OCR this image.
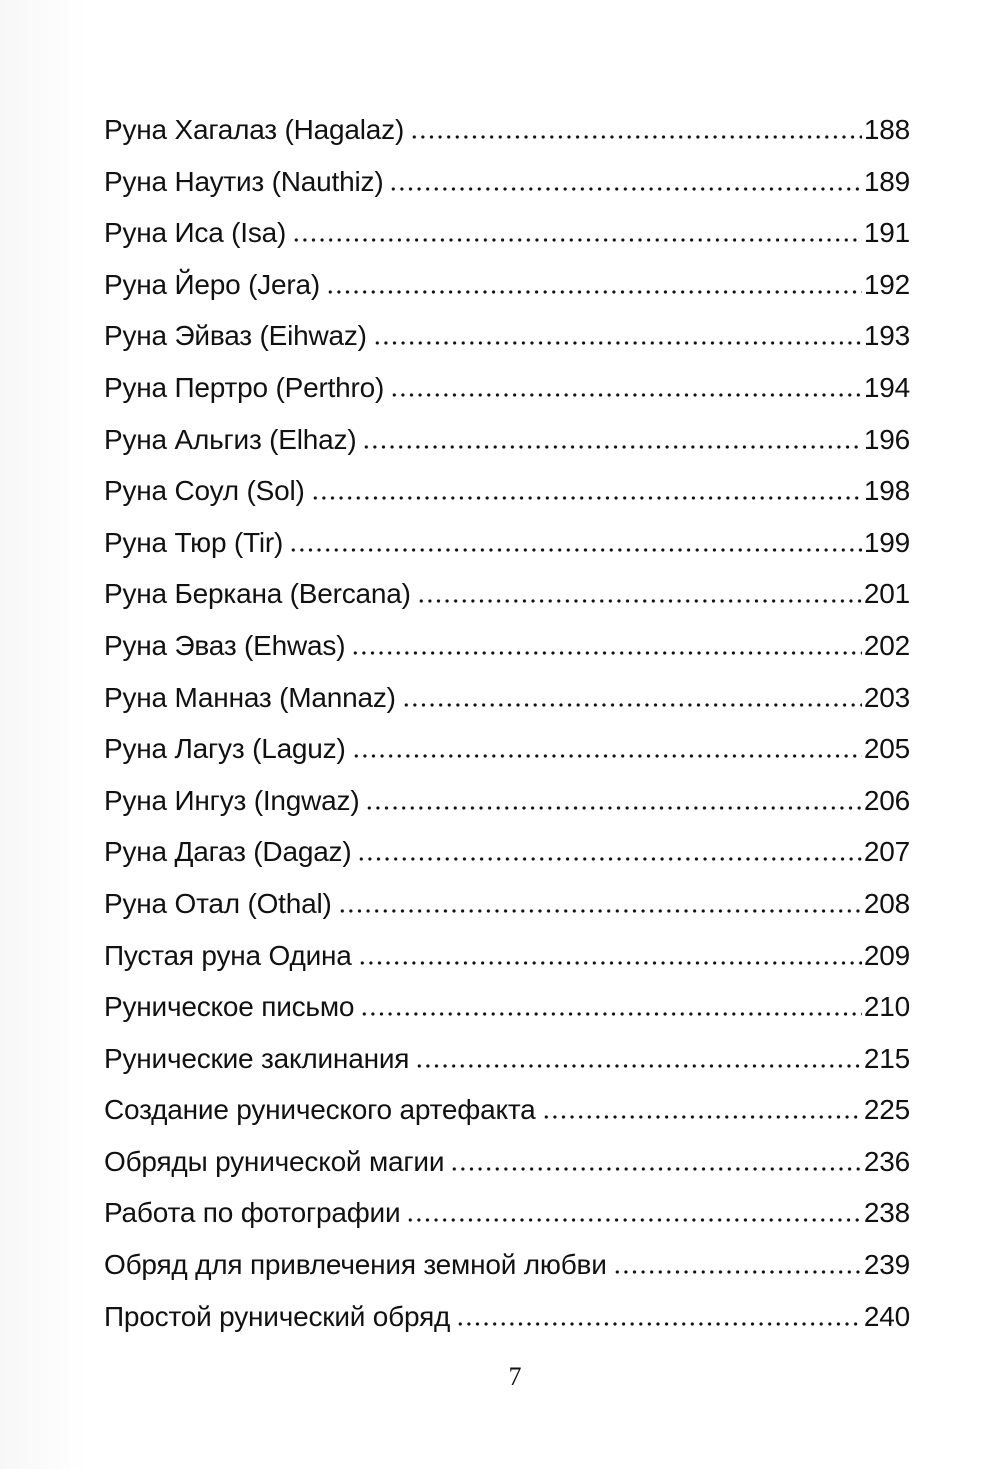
Руна Хагалаз (Hagalaz)	188
Руна Наутиз (Nauthiz)	189
Руна Иса (Isa)	191
Руна Йеро (Jera)	192
Руна Эйваз (Eihwaz)	193
Руна Пертро (Perthro)	194
Руна Альгиз (Elhaz)	196
Руна Соул (Sol)	198
Руна Тюр (Tir)	199
Руна Беркана (Bercana)	201
Руна Эваз (Ehwas)	202
Руна Манназ (Mannaz)	203
Руна Лагуз (Laguz)	205
Руна Ингуз (Ingwaz)	206
Руна Дагаз (Dagaz)	207
Руна Отал (Othal)	208
Пустая руна Одина	209
Руническое письмо	210
Рунические заклинания	215
Создание рунического артефакта	225
Обряды рунической магии	236
Работа по фотографии	238
Обряд для привлечения земной любви	239
Простой рунический обряд	240
7
